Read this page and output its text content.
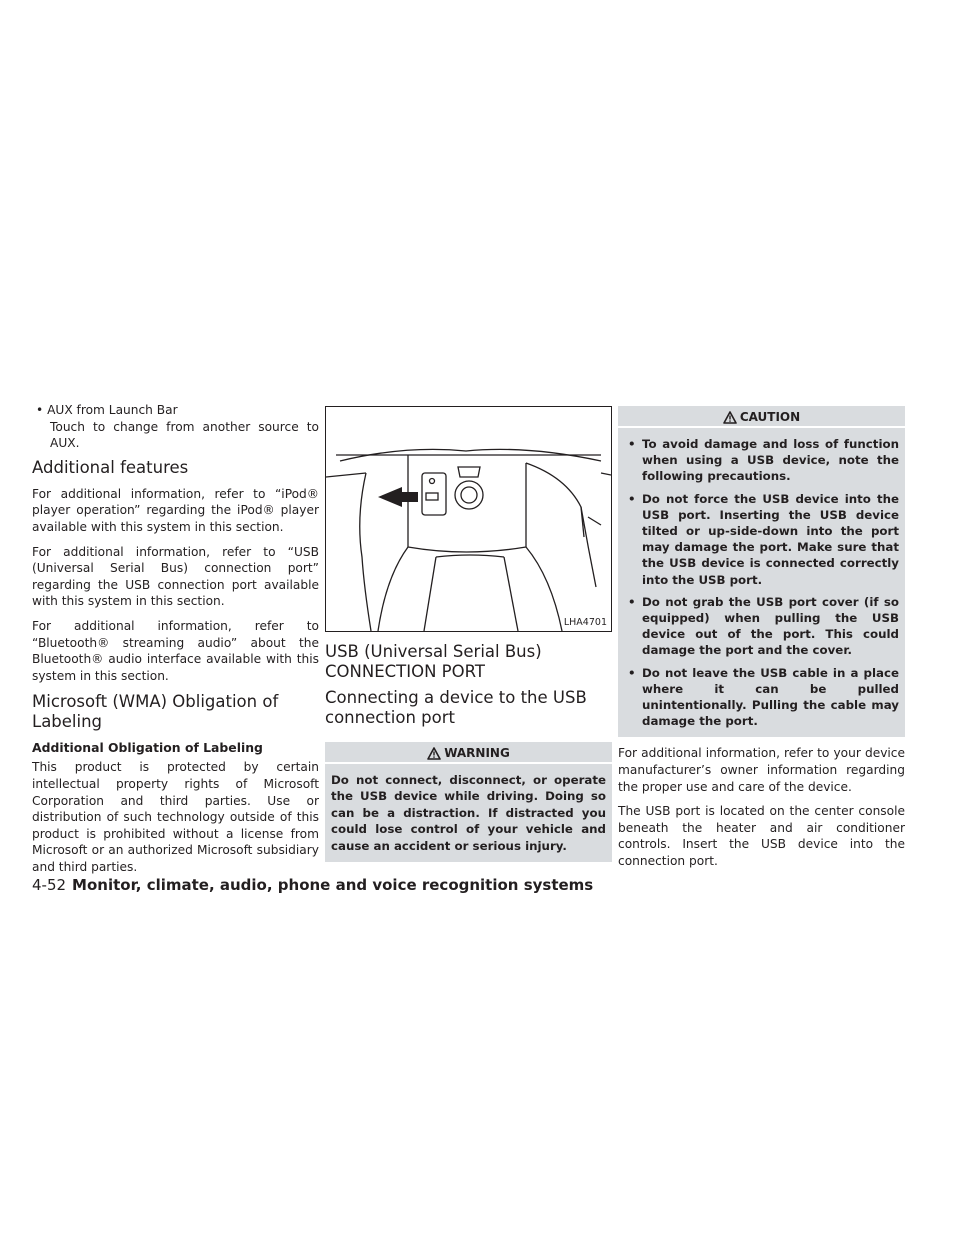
• AUX from Launch Bar

Touch to change from another source to AUX.

Additional features

For additional information, refer to “iPod® player operation” regarding the iPod® player available with this system in this section.

For additional information, refer to “USB (Universal Serial Bus) connection port” regarding the USB connection port available with this system in this section.

For additional information, refer to “Bluetooth® streaming audio” about the Bluetooth® audio interface available with this system in this section.

Microsoft (WMA) Obligation of Labeling
Additional Obligation of Labeling

This product is protected by certain intellectual property rights of Microsoft Corporation and third parties. Use or distribution of such technology outside of this product is prohibited without a license from Microsoft or an authorized Microsoft subsidiary and third parties.

LHA4701
USB (Universal Serial Bus)
CONNECTION PORT
Connecting a device to the USB connection port
WARNING

Do not connect, disconnect, or operate the USB device while driving. Doing so can be a distraction. If distracted you could lose control of your vehicle and cause an accident or serious injury.

CAUTION
• To avoid damage and loss of function when using a USB device, note the following precautions.
• Do not force the USB device into the USB port. Inserting the USB device tilted or up-side-down into the port may damage the port. Make sure that the USB device is connected correctly into the USB port.
• Do not grab the USB port cover (if so equipped) when pulling the USB device out of the port. This could damage the port and the cover.
• Do not leave the USB cable in a place where it can be pulled unintentionally. Pulling the cable may damage the port.

For additional information, refer to your device manufacturer’s owner information regarding the proper use and care of the device.

The USB port is located on the center console beneath the heater and air conditioner controls. Insert the USB device into the connection port.

4-52 Monitor, climate, audio, phone and voice recognition systems
